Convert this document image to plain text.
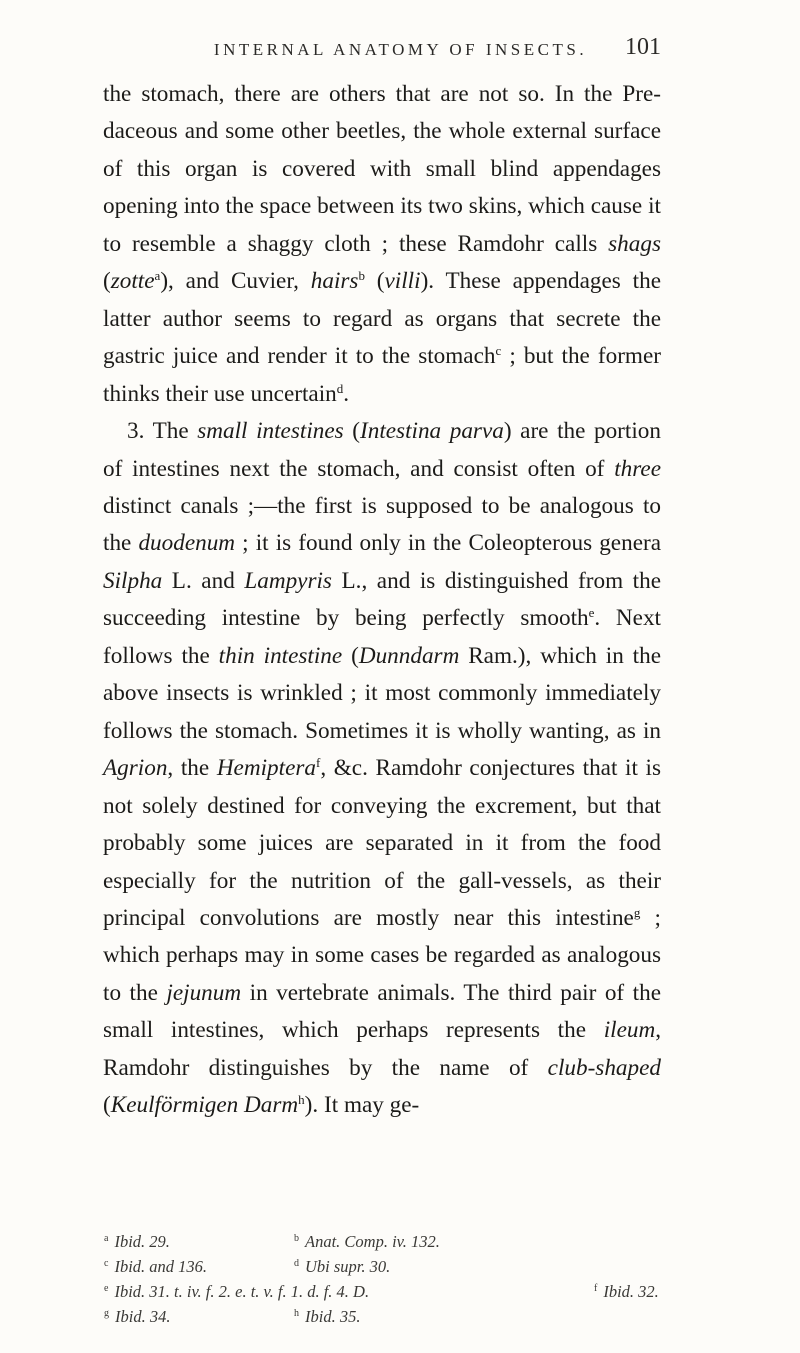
INTERNAL ANATOMY OF INSECTS. 101

the stomach, there are others that are not so. In the Pre-daceous and some other beetles, the whole external surface of this organ is covered with small blind appendages opening into the space between its two skins, which cause it to resemble a shaggy cloth ; these Ramdohr calls shags (zotte$^a$), and Cuvier, hairs$^b$ (villi). These appendages the latter author seems to regard as organs that secrete the gastric juice and render it to the stomach$^c$ ; but the former thinks their use uncertain$^d$.

3. The small intestines (Intestina parva) are the portion of intestines next the stomach, and consist often of three distinct canals ;—the first is supposed to be analogous to the duodenum ; it is found only in the Coleopterous genera Silpha L. and Lampyris L., and is distinguished from the succeeding intestine by being perfectly smooth$^e$. Next follows the thin intestine (Dunndarm Ram.), which in the above insects is wrinkled ; it most commonly immediately follows the stomach. Sometimes it is wholly wanting, as in Agrion, the Hemiptera$^f$, &c. Ramdohr conjectures that it is not solely destined for conveying the excrement, but that probably some juices are separated in it from the food especially for the nutrition of the gall-vessels, as their principal convolutions are mostly near this intestine$^g$ ; which perhaps may in some cases be regarded as analogous to the jejunum in vertebrate animals. The third pair of the small intestines, which perhaps represents the ileum, Ramdohr distinguishes by the name of club-shaped (Keulförmigen Darm$^h$). It may ge-

$^a$ Ibid. 29.	$^b$ Anat. Comp. iv. 132.
$^c$ Ibid. and 136.	$^d$ Ubi supr. 30.
$^e$ Ibid. 31. t. iv. f. 2. e. t. v. f. 1. d. f. 4. D.	$^f$ Ibid. 32.
$^g$ Ibid. 34.	$^h$ Ibid. 35.
